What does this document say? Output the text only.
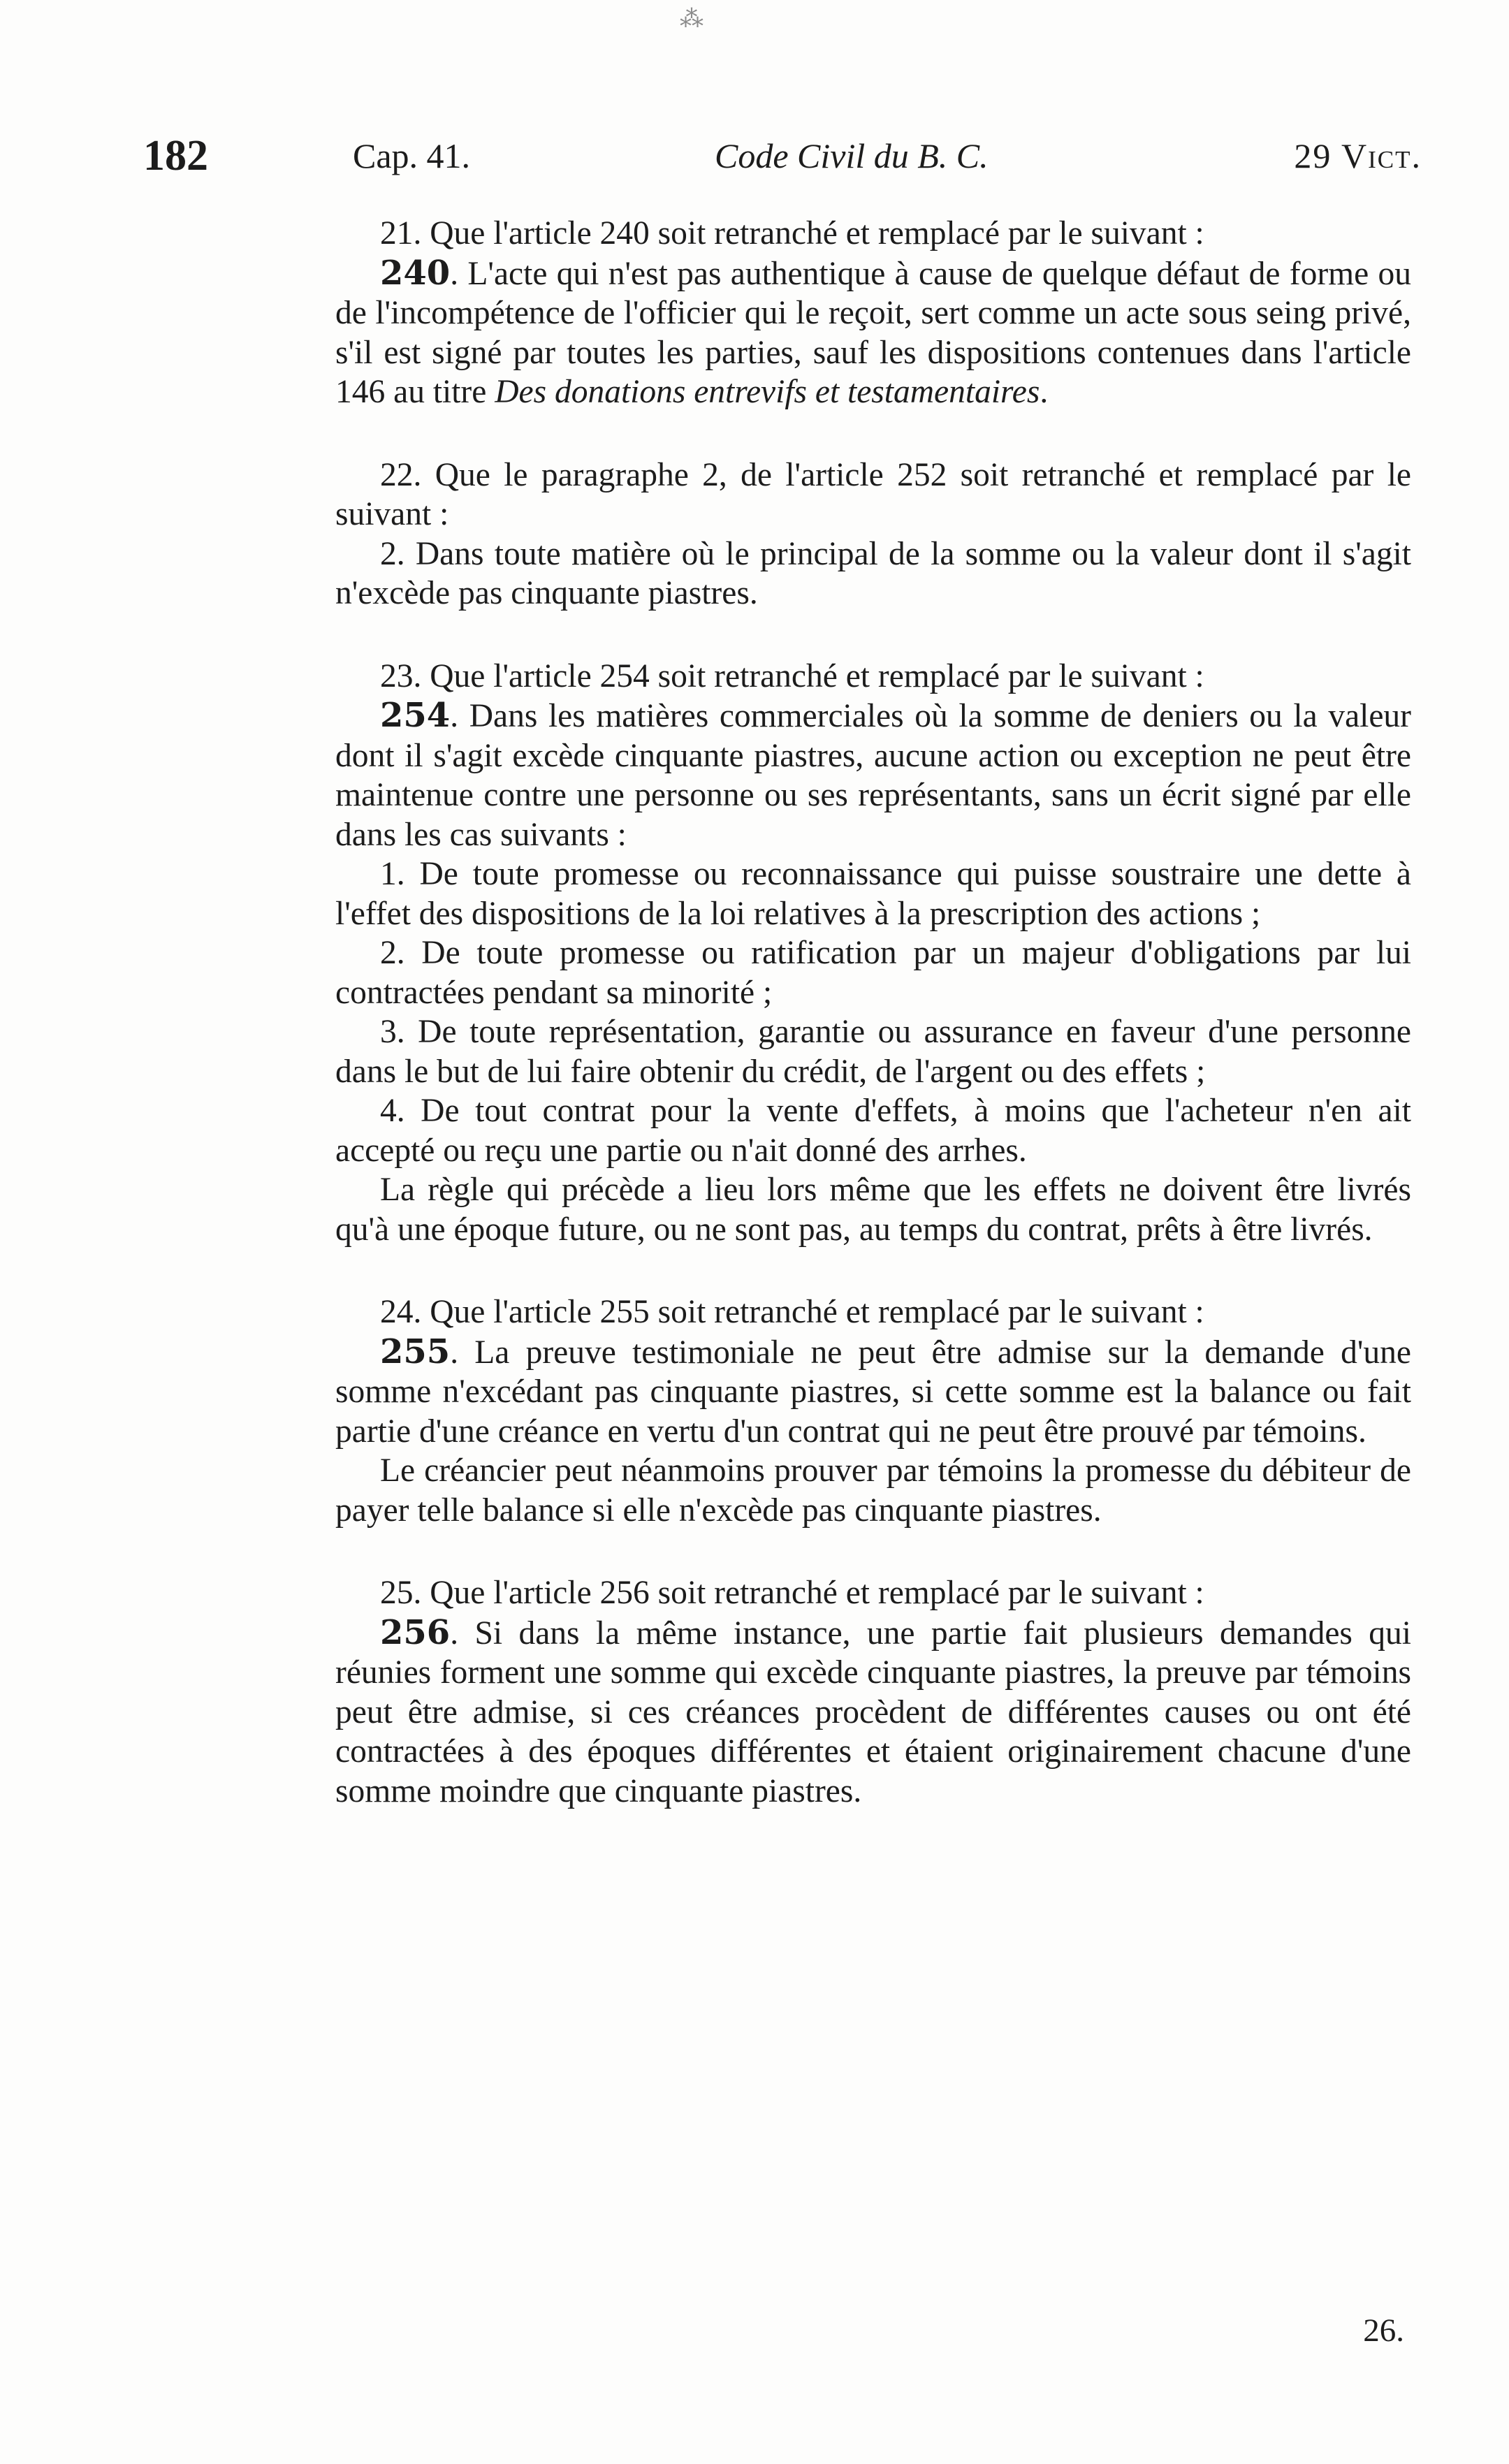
⁂
182	Cap. 41.	Code Civil du B. C.	29 Vict.

21. Que l'article 240 soit retranché et remplacé par le suivant :

240. L'acte qui n'est pas authentique à cause de quelque défaut de forme ou de l'incompétence de l'officier qui le reçoit, sert comme un acte sous seing privé, s'il est signé par toutes les parties, sauf les dispositions contenues dans l'article 146 au titre Des donations entrevifs et testamentaires.

22. Que le paragraphe 2, de l'article 252 soit retranché et remplacé par le suivant :

2. Dans toute matière où le principal de la somme ou la valeur dont il s'agit n'excède pas cinquante piastres.

23. Que l'article 254 soit retranché et remplacé par le suivant :

254. Dans les matières commerciales où la somme de deniers ou la valeur dont il s'agit excède cinquante piastres, aucune action ou exception ne peut être maintenue contre une personne ou ses représentants, sans un écrit signé par elle dans les cas suivants :

1. De toute promesse ou reconnaissance qui puisse soustraire une dette à l'effet des dispositions de la loi relatives à la prescription des actions ;

2. De toute promesse ou ratification par un majeur d'obligations par lui contractées pendant sa minorité ;

3. De toute représentation, garantie ou assurance en faveur d'une personne dans le but de lui faire obtenir du crédit, de l'argent ou des effets ;

4. De tout contrat pour la vente d'effets, à moins que l'acheteur n'en ait accepté ou reçu une partie ou n'ait donné des arrhes.

La règle qui précède a lieu lors même que les effets ne doivent être livrés qu'à une époque future, ou ne sont pas, au temps du contrat, prêts à être livrés.

24. Que l'article 255 soit retranché et remplacé par le suivant :

255. La preuve testimoniale ne peut être admise sur la demande d'une somme n'excédant pas cinquante piastres, si cette somme est la balance ou fait partie d'une créance en vertu d'un contrat qui ne peut être prouvé par témoins.

Le créancier peut néanmoins prouver par témoins la promesse du débiteur de payer telle balance si elle n'excède pas cinquante piastres.

25. Que l'article 256 soit retranché et remplacé par le suivant :

256. Si dans la même instance, une partie fait plusieurs demandes qui réunies forment une somme qui excède cinquante piastres, la preuve par témoins peut être admise, si ces créances procèdent de différentes causes ou ont été contractées à des époques différentes et étaient originairement chacune d'une somme moindre que cinquante piastres.

26.
